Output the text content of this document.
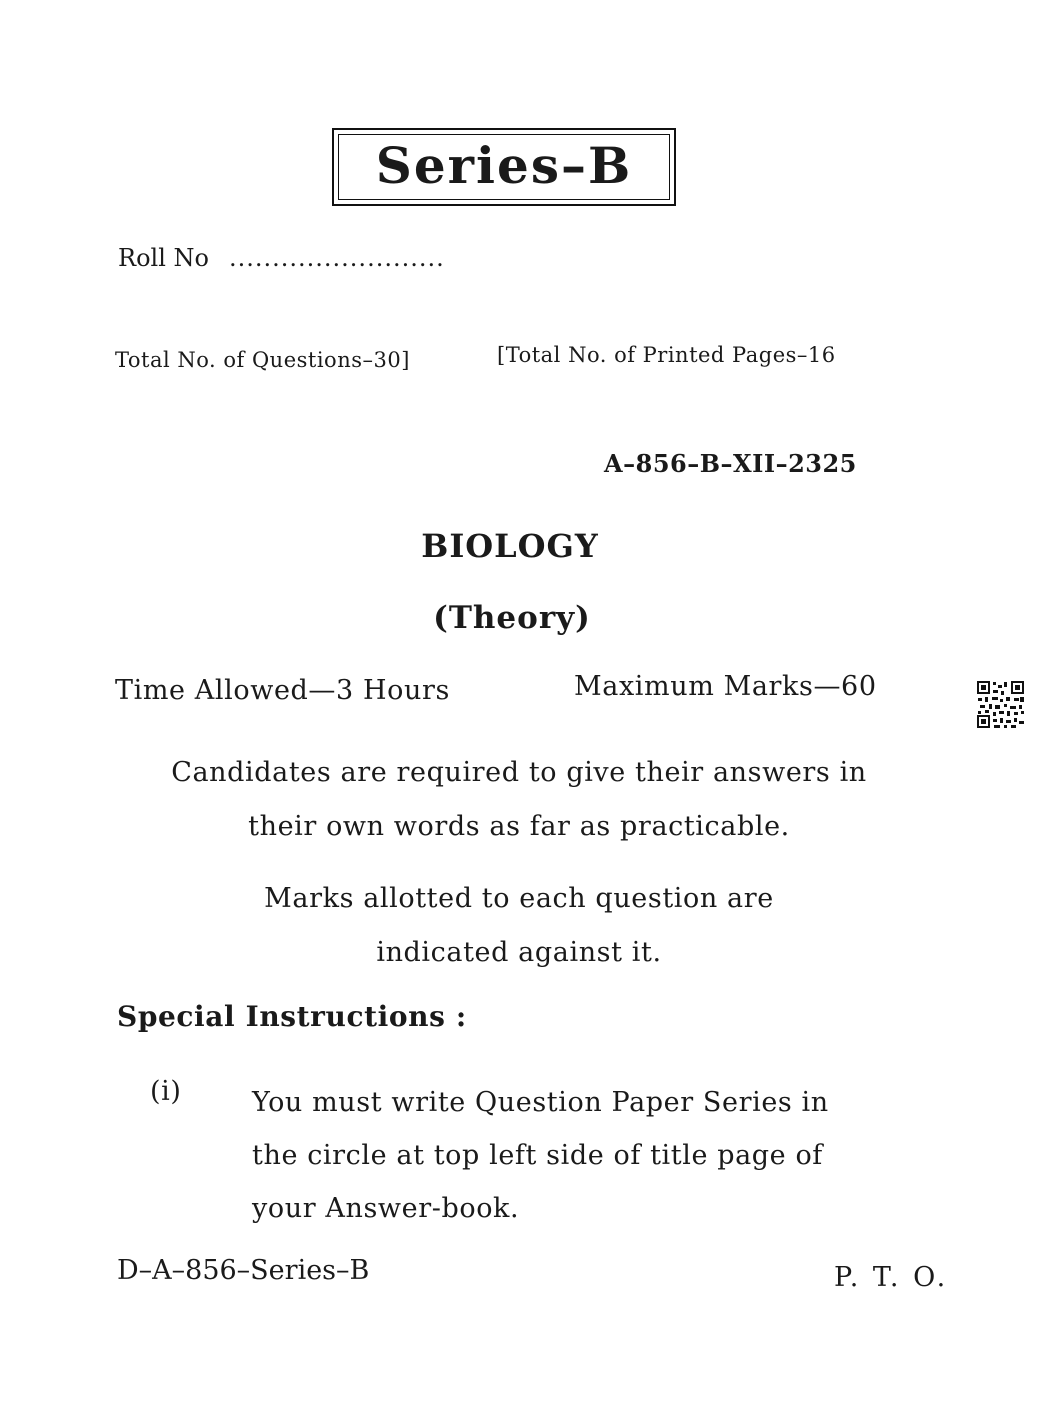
Series–B
Roll No .........................
Total No. of Questions–30]	[Total No. of Printed Pages–16
A–856–B–XII–2325
BIOLOGY
(Theory)
Time Allowed—3 Hours	Maximum Marks—60
Candidates are required to give their answers in
their own words as far as practicable.
Marks allotted to each question are
indicated against it.
Special Instructions :
(i)	You must write Question Paper Series in
the circle at top left side of title page of
your Answer-book.
D–A–856–Series–B	P. T. O.
